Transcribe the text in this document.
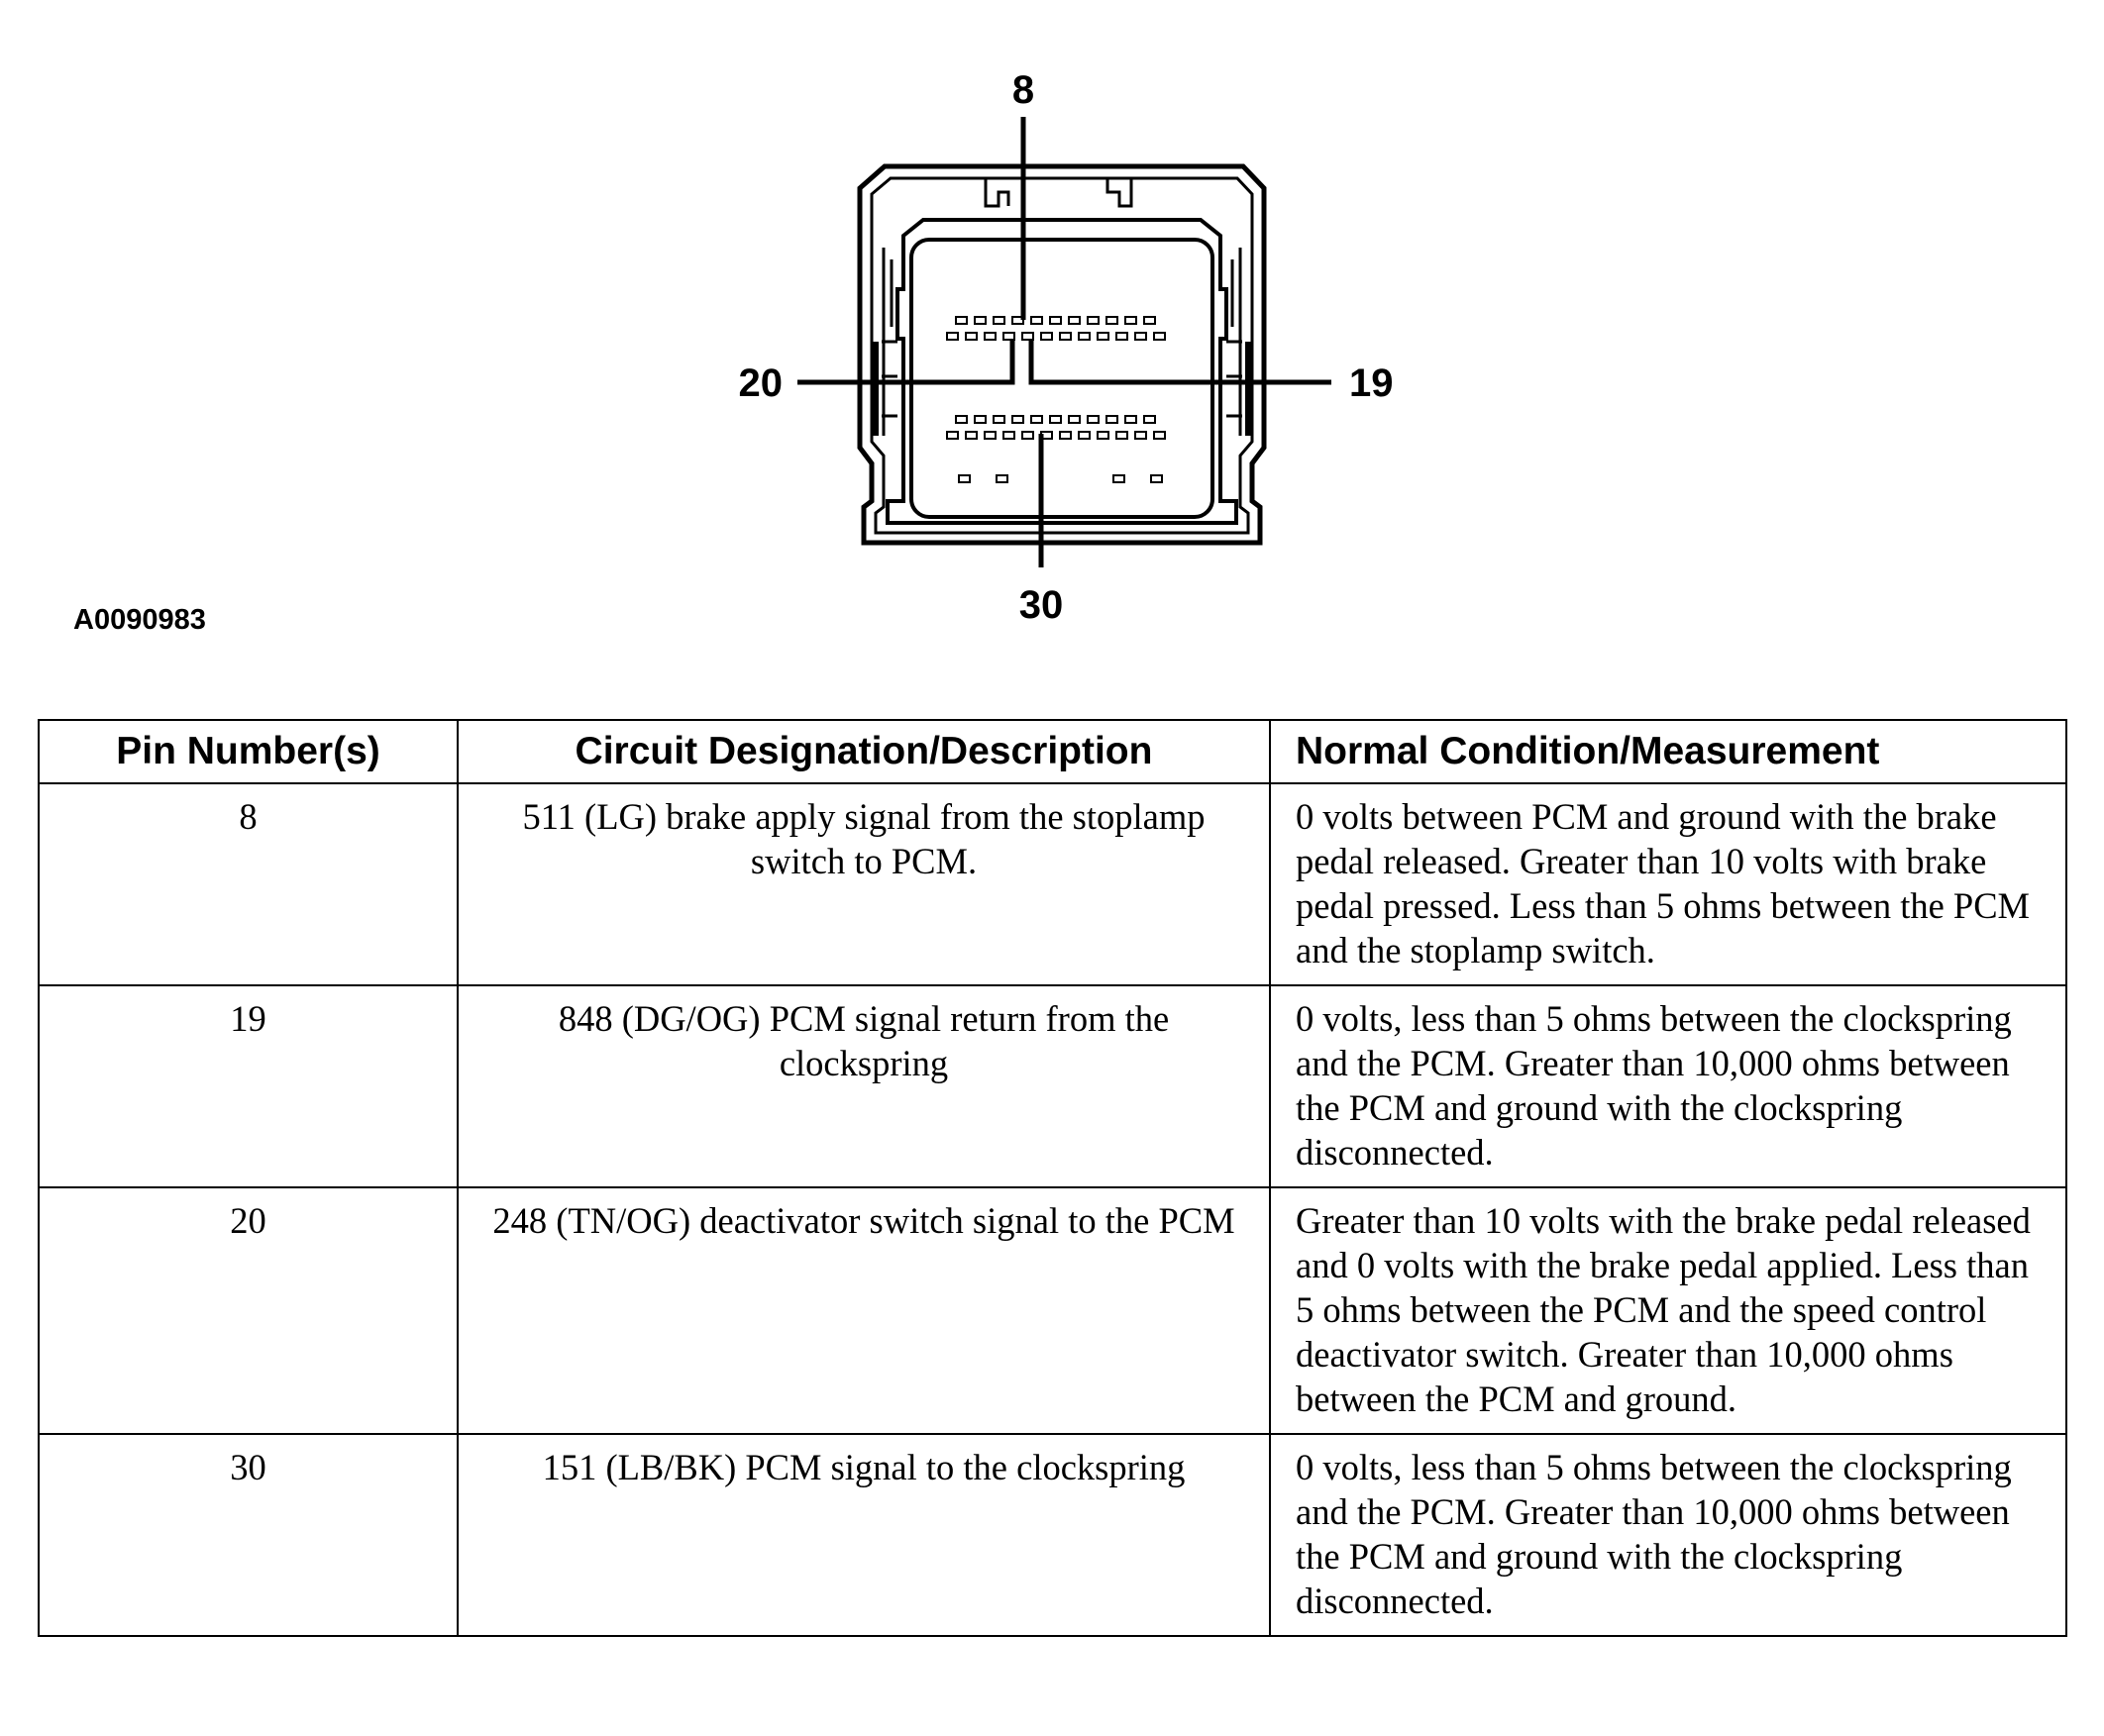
8
20	19
30
A0090983
Pin Number(s)	Circuit Designation/Description	Normal Condition/Measurement
8	511 (LG) brake apply signal from the stoplamp switch to PCM.	0 volts between PCM and ground with the brake pedal released. Greater than 10 volts with brake pedal pressed. Less than 5 ohms between the PCM and the stoplamp switch.
19	848 (DG/OG) PCM signal return from the clockspring	0 volts, less than 5 ohms between the clockspring and the PCM. Greater than 10,000 ohms between the PCM and ground with the clockspring disconnected.
20	248 (TN/OG) deactivator switch signal to the PCM	Greater than 10 volts with the brake pedal released and 0 volts with the brake pedal applied. Less than 5 ohms between the PCM and the speed control deactivator switch. Greater than 10,000 ohms between the PCM and ground.
30	151 (LB/BK) PCM signal to the clockspring	0 volts, less than 5 ohms between the clockspring and the PCM. Greater than 10,000 ohms between the PCM and ground with the clockspring disconnected.
